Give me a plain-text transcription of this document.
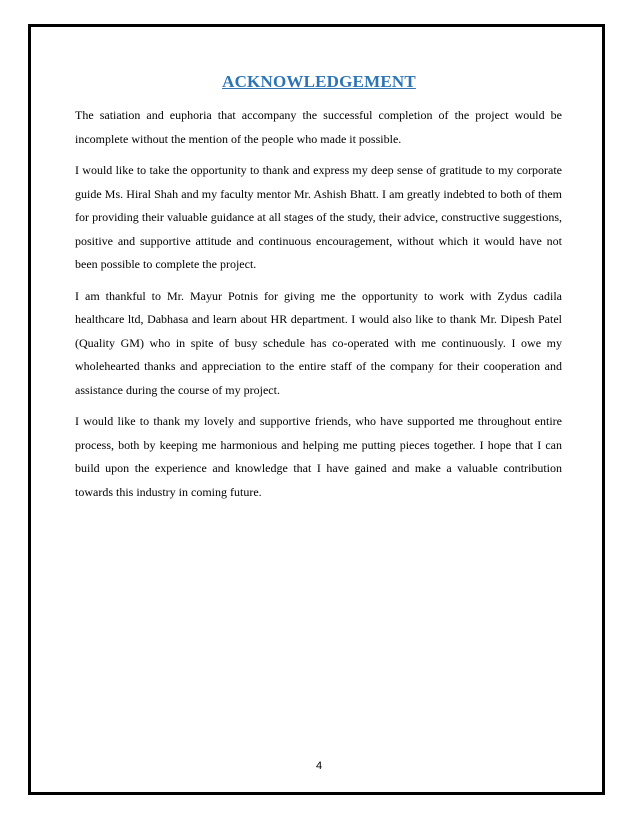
ACKNOWLEDGEMENT

The satiation and euphoria that accompany the successful completion of the project would be incomplete without the mention of the people who made it possible.

I would like to take the opportunity to thank and express my deep sense of gratitude to my corporate guide Ms. Hiral Shah and my faculty mentor Mr. Ashish Bhatt. I am greatly indebted to both of them for providing their valuable guidance at all stages of the study, their advice, constructive suggestions, positive and supportive attitude and continuous encouragement, without which it would have not been possible to complete the project.

I am thankful to Mr. Mayur Potnis for giving me the opportunity to work with Zydus cadila healthcare ltd, Dabhasa and learn about HR department. I would also like to thank Mr. Dipesh Patel (Quality GM) who in spite of busy schedule has co-operated with me continuously. I owe my wholehearted thanks and appreciation to the entire staff of the company for their cooperation and assistance during the course of my project.

I would like to thank my lovely and supportive friends, who have supported me throughout entire process, both by keeping me harmonious and helping me putting pieces together. I hope that I can build upon the experience and knowledge that I have gained and make a valuable contribution towards this industry in coming future.

4
